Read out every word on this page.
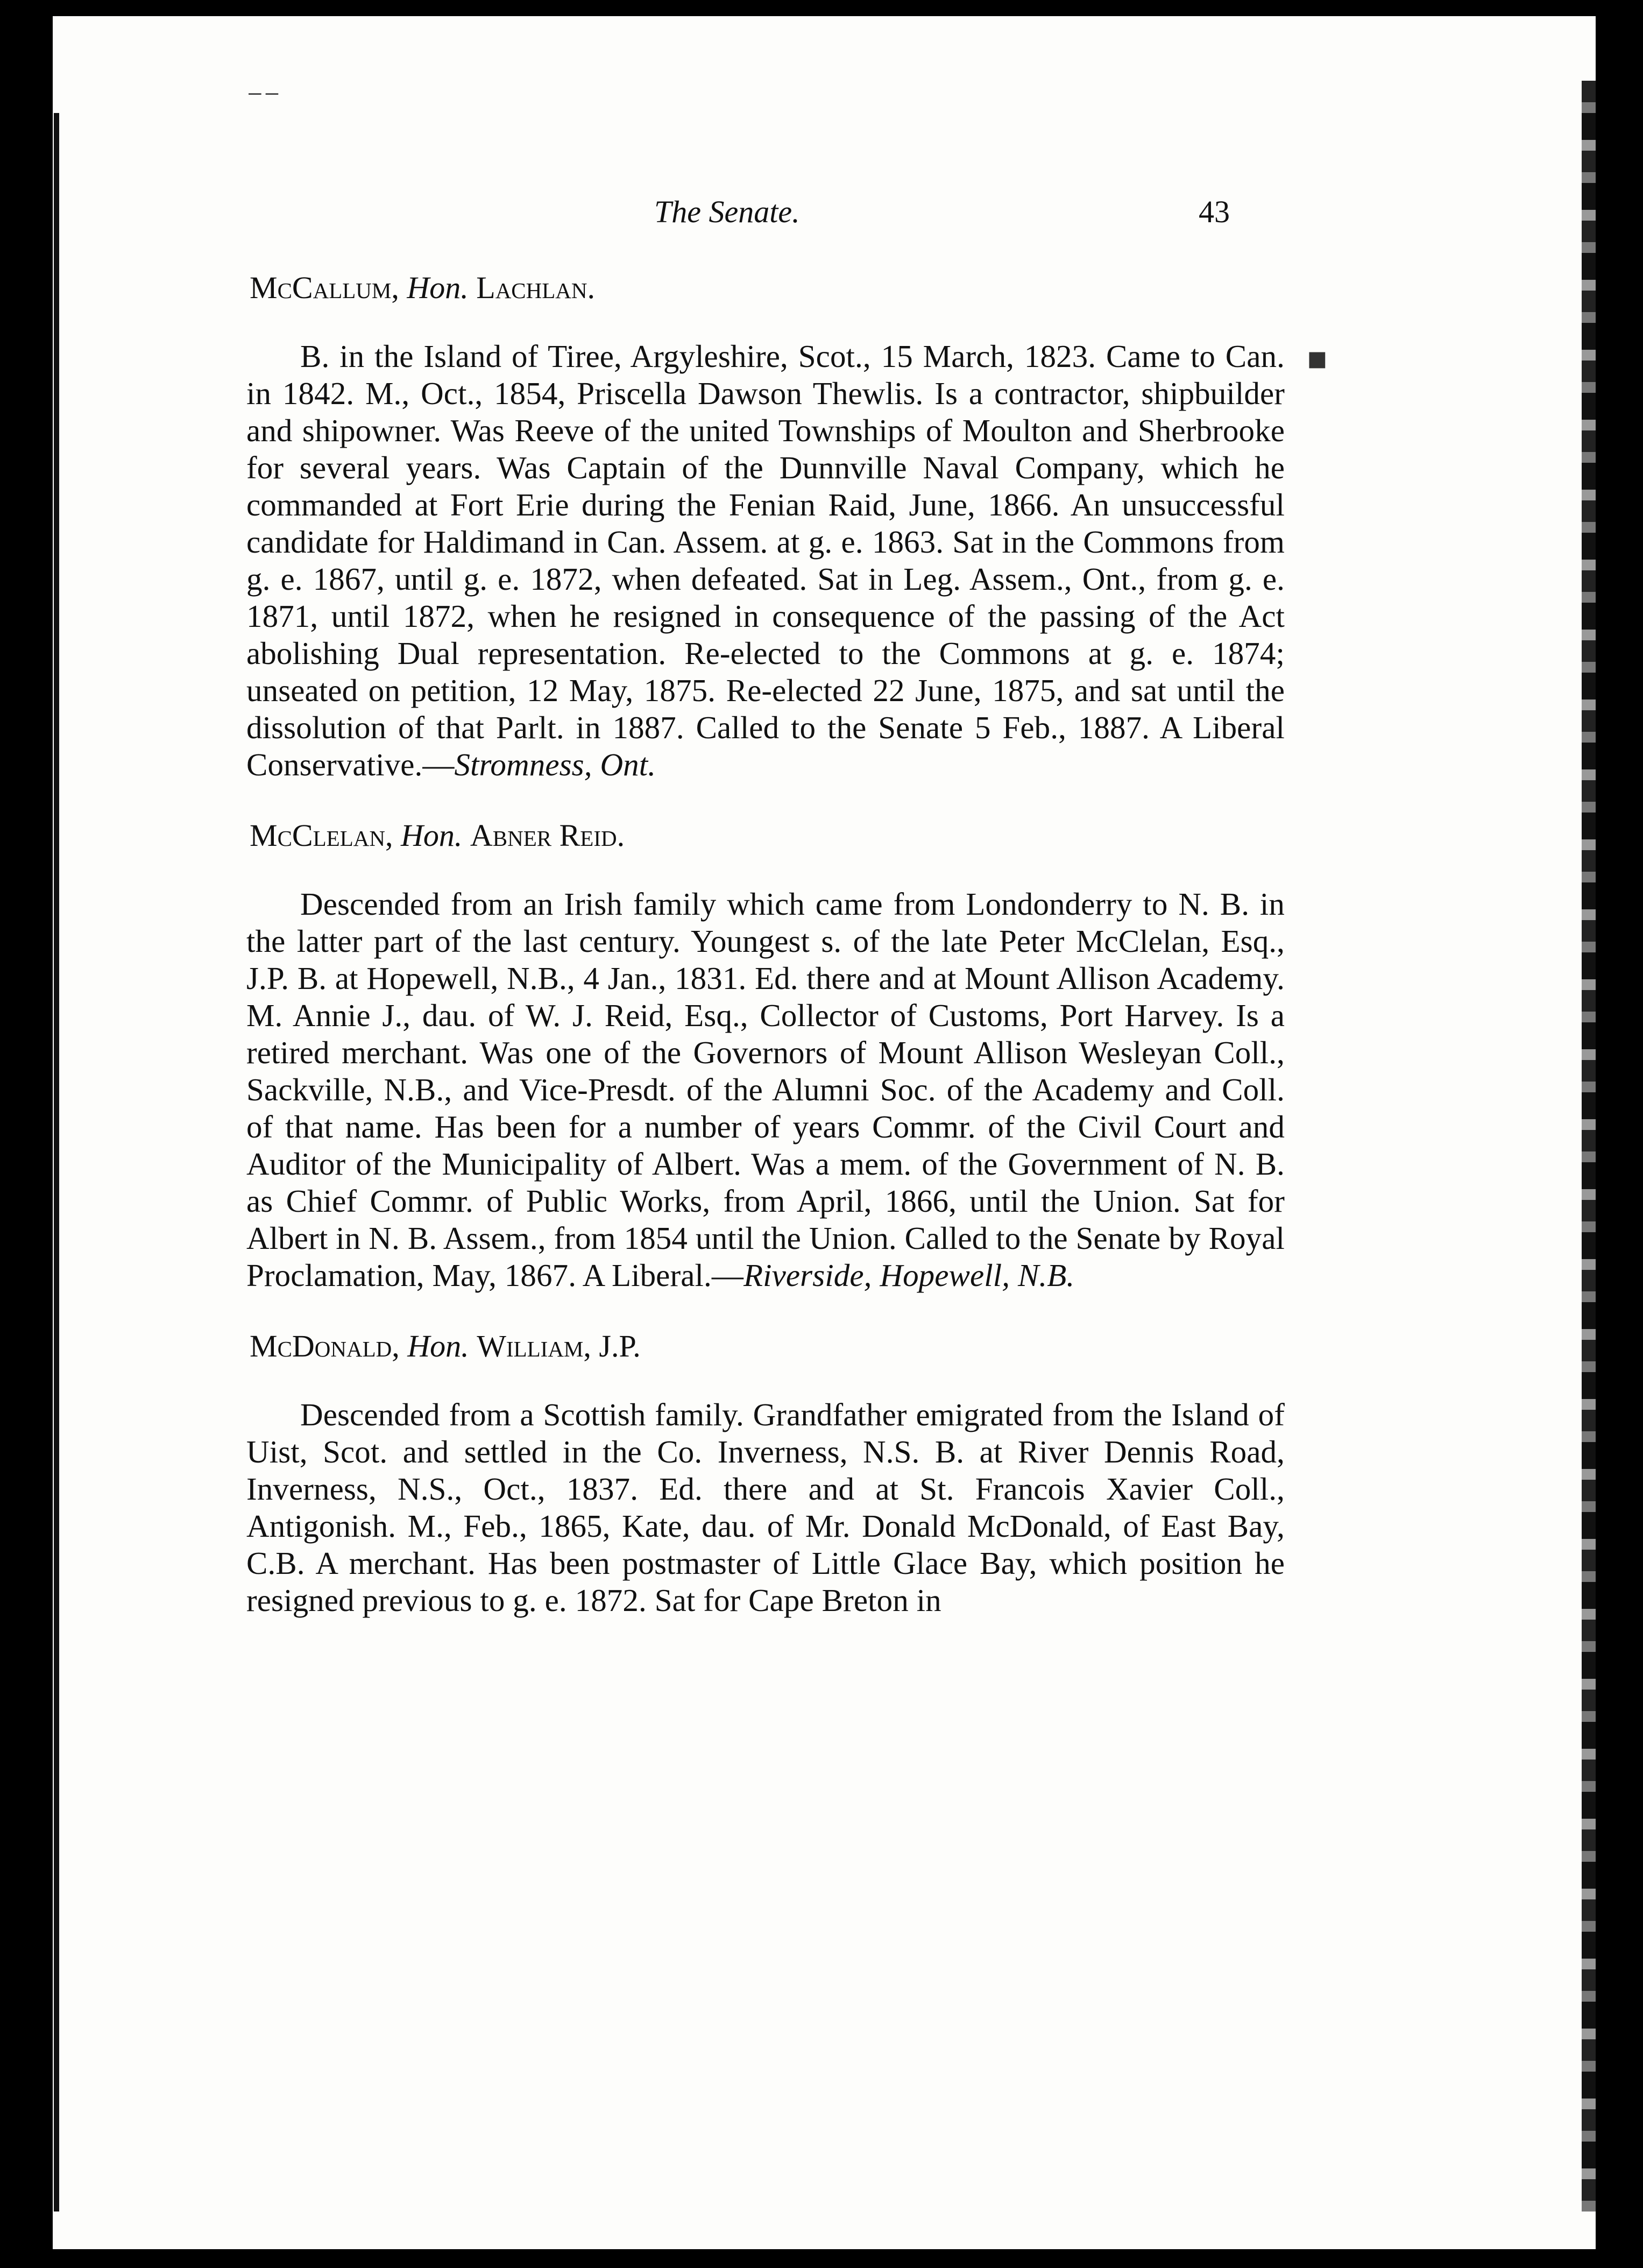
⁻⁻
▪
The Senate.	43

McCallum, Hon. Lachlan.

B. in the Island of Tiree, Argyleshire, Scot., 15 March, 1823. Came to Can. in 1842. M., Oct., 1854, Priscella Dawson Thewlis. Is a contractor, shipbuilder and shipowner. Was Reeve of the united Townships of Moulton and Sherbrooke for several years. Was Captain of the Dunnville Naval Company, which he commanded at Fort Erie during the Fenian Raid, June, 1866. An unsuccessful candidate for Haldimand in Can. Assem. at g. e. 1863. Sat in the Commons from g. e. 1867, until g. e. 1872, when defeated. Sat in Leg. Assem., Ont., from g. e. 1871, until 1872, when he resigned in consequence of the passing of the Act abolishing Dual representation. Re-elected to the Commons at g. e. 1874; unseated on petition, 12 May, 1875. Re-elected 22 June, 1875, and sat until the dissolution of that Parlt. in 1887. Called to the Senate 5 Feb., 1887. A Liberal Conservative.—Stromness, Ont.

McClelan, Hon. Abner Reid.

Descended from an Irish family which came from Londonderry to N. B. in the latter part of the last century. Youngest s. of the late Peter McClelan, Esq., J.P. B. at Hopewell, N.B., 4 Jan., 1831. Ed. there and at Mount Allison Academy. M. Annie J., dau. of W. J. Reid, Esq., Collector of Customs, Port Harvey. Is a retired merchant. Was one of the Governors of Mount Allison Wesleyan Coll., Sackville, N.B., and Vice-Presdt. of the Alumni Soc. of the Academy and Coll. of that name. Has been for a number of years Commr. of the Civil Court and Auditor of the Municipality of Albert. Was a mem. of the Government of N. B. as Chief Commr. of Public Works, from April, 1866, until the Union. Sat for Albert in N. B. Assem., from 1854 until the Union. Called to the Senate by Royal Proclamation, May, 1867. A Liberal.—Riverside, Hopewell, N.B.

McDonald, Hon. William, J.P.

Descended from a Scottish family. Grandfather emigrated from the Island of Uist, Scot. and settled in the Co. Inverness, N.S. B. at River Dennis Road, Inverness, N.S., Oct., 1837. Ed. there and at St. Francois Xavier Coll., Antigonish. M., Feb., 1865, Kate, dau. of Mr. Donald McDonald, of East Bay, C.B. A merchant. Has been postmaster of Little Glace Bay, which position he resigned previous to g. e. 1872. Sat for Cape Breton in
